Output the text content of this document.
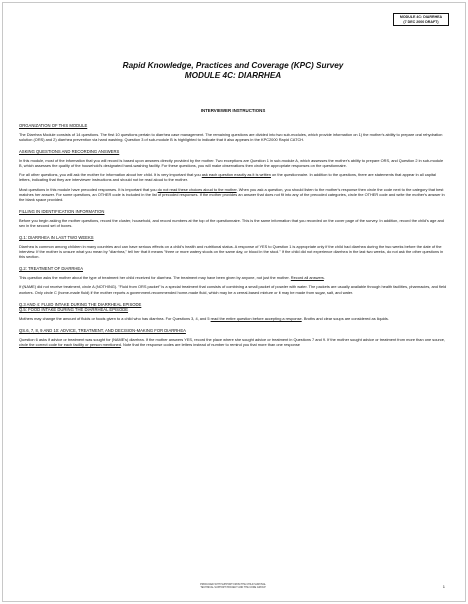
MODULE 4C: DIARRHEA
(7 DEC 2000 DRAFT)
Rapid Knowledge, Practices and Coverage (KPC) Survey
MODULE 4C: DIARRHEA
INTERVIEWER INSTRUCTIONS
ORGANIZATION OF THIS MODULE
The Diarrhea Module consists of 14 questions. The first 10 questions pertain to diarrhea case management. The remaining questions are divided into two sub-modules, which provide information on 1) the mother's ability to prepare oral rehydration solution (ORS) and 2) diarrhea prevention via hand washing. Question 3 of sub-module B is highlighted to indicate that it also appears in the KPC2000 Rapid CATCH.
ASKING QUESTIONS AND RECORDING ANSWERS
In this module, most of the information that you will record is based upon answers directly provided by the mother. Two exceptions are Question 1 in sub-module A, which assesses the mother's ability to prepare ORS, and Question 2 in sub-module B, which assesses the quality of the household's designated hand-washing facility. For these questions, you will make observations then circle the appropriate responses on the questionnaire.
For all other questions, you will ask the mother for information about her child. It is very important that you ask each question exactly as it is written on the questionnaire. In addition to the questions, there are statements that appear in all capital letters, indicating that they are interviewer instructions and should not be read aloud to the mother.
Most questions in this module have precoded responses. It is important that you do not read these choices aloud to the mother. When you ask a question, you should listen to the mother's response then circle the code next to the category that best matches her answer. For some questions, an OTHER code is included in the list of precoded responses. If the mother provides an answer that does not fit into any of the precoded categories, circle the OTHER code and write the mother's answer in the blank space provided.
FILLING IN IDENTIFICATION INFORMATION
Before you begin asking the mother questions, record the cluster, household, and record numbers at the top of the questionnaire. This is the same information that you recorded on the cover page of the survey. In addition, record the child's age and sex in the second set of boxes.
Q.1: DIARRHEA IN LAST TWO WEEKS
Diarrhea is common among children in many countries and can have serious effects on a child's health and nutritional status. A response of YES to Question 1 is appropriate only if the child had diarrhea during the two weeks before the date of the interview. If the mother is unsure what you mean by "diarrhea," tell her that it means "three or more watery stools on the same day, or blood in the stool." If the child did not experience diarrhea in the last two weeks, do not ask the other questions in this section.
Q.2: TREATMENT OF DIARRHEA
This question asks the mother about the type of treatment her child received for diarrhea. The treatment may have been given by anyone, not just the mother. Record all answers.
If (NAME) did not receive treatment, circle A (NOTHING). "Fluid from ORS packet" is a special treatment that consists of combining a small packet of powder with water. The packets are usually available through health facilities, pharmacies, and field workers. Only circle C (home-made fluid) if the mother reports a government-recommended home-made fluid, which may be a cereal-based mixture or it may be made from sugar, salt, and water.
Q.3 AND 4: FLUID INTAKE DURING THE DIARRHEAL EPISODE
Q.5: FOOD INTAKE DURING THE DIARRHEAL EPISODE
Mothers may change the amount of fluids or foods given to a child who has diarrhea. For Questions 3, 4, and 5 read the entire question before accepting a response. Broths and clear soups are considered as liquids.
QS.6, 7, 8, 9 AND 10: ADVICE, TREATMENT, AND DECISION-MAKING FOR DIARRHEA
Question 6 asks if advice or treatment was sought for (NAME's) diarrhea. If the mother answers YES, record the place where she sought advice or treatment in Questions 7 and 9. If the mother sought advice or treatment from more than one source, circle the correct code for each facility or person mentioned. Note that the response codes are letters instead of number to remind you that more than one response
PRODUCED WITH SUPPORT FROM THE CHILD SURVIVAL
TECHNICAL SUPPORT PROJECT AND THE CORE GROUP	1
